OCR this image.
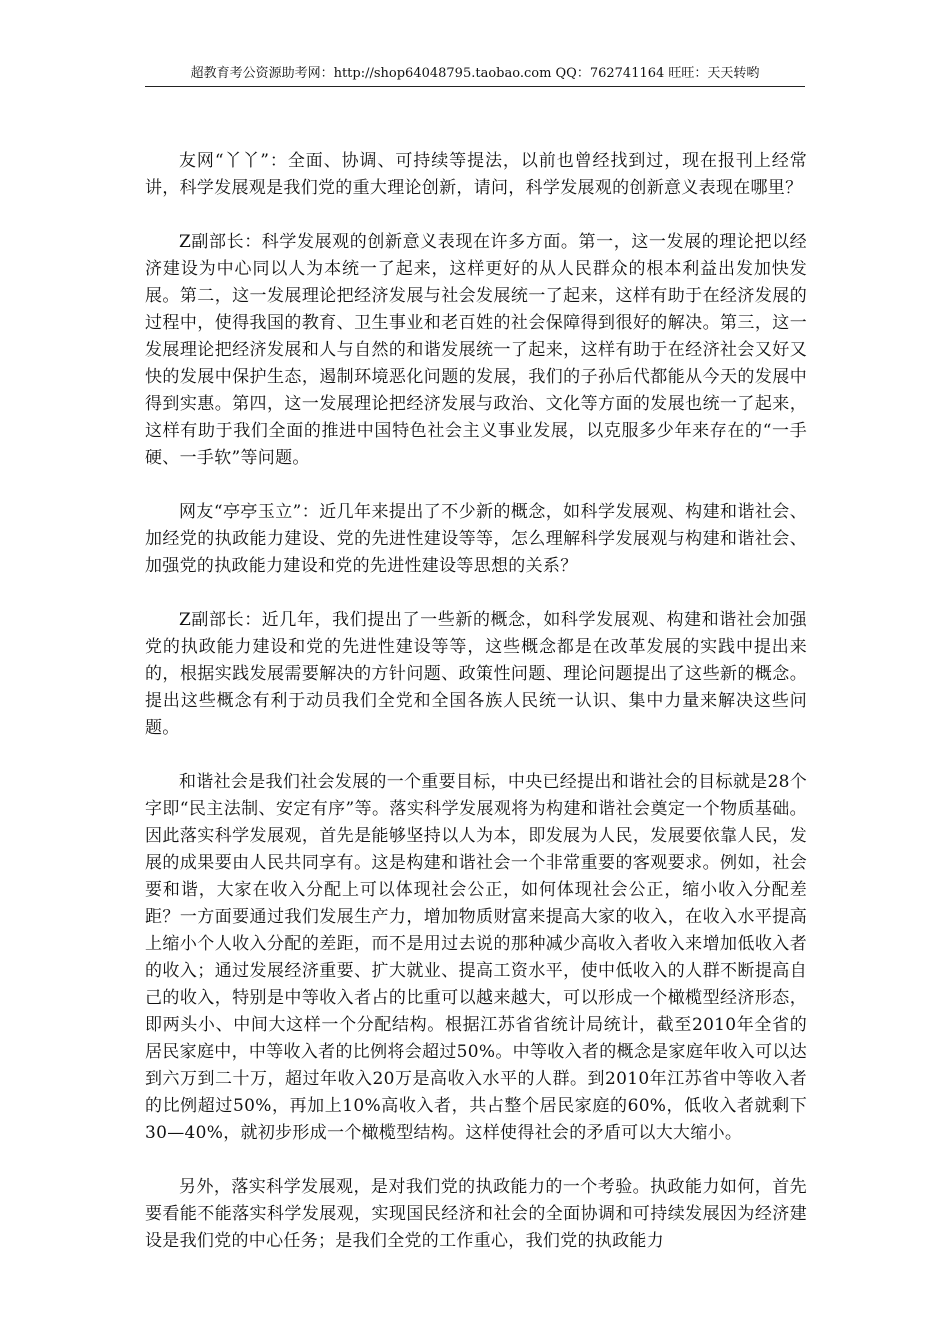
超教育考公资源助考网：http://shop64048795.taobao.com QQ：762741164 旺旺：天天转哟

友网“丫丫”：全面、协调、可持续等提法，以前也曾经找到过，现在报刊上经常讲，科学发展观是我们党的重大理论创新，请问，科学发展观的创新意义表现在哪里？

Z副部长：科学发展观的创新意义表现在许多方面。第一，这一发展的理论把以经济建设为中心同以人为本统一了起来，这样更好的从人民群众的根本利益出发加快发展。第二，这一发展理论把经济发展与社会发展统一了起来，这样有助于在经济发展的过程中，使得我国的教育、卫生事业和老百姓的社会保障得到很好的解决。第三，这一发展理论把经济发展和人与自然的和谐发展统一了起来，这样有助于在经济社会又好又快的发展中保护生态，遏制环境恶化问题的发展，我们的子孙后代都能从今天的发展中得到实惠。第四，这一发展理论把经济发展与政治、文化等方面的发展也统一了起来，这样有助于我们全面的推进中国特色社会主义事业发展，以克服多少年来存在的“一手硬、一手软”等问题。

网友“亭亭玉立”：近几年来提出了不少新的概念，如科学发展观、构建和谐社会、加经党的执政能力建设、党的先进性建设等等，怎么理解科学发展观与构建和谐社会、加强党的执政能力建设和党的先进性建设等思想的关系？

Z副部长：近几年，我们提出了一些新的概念，如科学发展观、构建和谐社会加强党的执政能力建设和党的先进性建设等等，这些概念都是在改革发展的实践中提出来的，根据实践发展需要解决的方针问题、政策性问题、理论问题提出了这些新的概念。提出这些概念有利于动员我们全党和全国各族人民统一认识、集中力量来解决这些问题。

和谐社会是我们社会发展的一个重要目标，中央已经提出和谐社会的目标就是28个字即“民主法制、安定有序”等。落实科学发展观将为构建和谐社会奠定一个物质基础。因此落实科学发展观，首先是能够坚持以人为本，即发展为人民，发展要依靠人民，发展的成果要由人民共同享有。这是构建和谐社会一个非常重要的客观要求。例如，社会要和谐，大家在收入分配上可以体现社会公正，如何体现社会公正，缩小收入分配差距？一方面要通过我们发展生产力，增加物质财富来提高大家的收入，在收入水平提高上缩小个人收入分配的差距，而不是用过去说的那种减少高收入者收入来增加低收入者的收入；通过发展经济重要、扩大就业、提高工资水平，使中低收入的人群不断提高自己的收入，特别是中等收入者占的比重可以越来越大，可以形成一个橄榄型经济形态，即两头小、中间大这样一个分配结构。根据江苏省省统计局统计，截至2010年全省的居民家庭中，中等收入者的比例将会超过50%。中等收入者的概念是家庭年收入可以达到六万到二十万，超过年收入20万是高收入水平的人群。到2010年江苏省中等收入者的比例超过50%，再加上10%高收入者，共占整个居民家庭的60%，低收入者就剩下30—40%，就初步形成一个橄榄型结构。这样使得社会的矛盾可以大大缩小。

另外，落实科学发展观，是对我们党的执政能力的一个考验。执政能力如何，首先要看能不能落实科学发展观，实现国民经济和社会的全面协调和可持续发展因为经济建设是我们党的中心任务；是我们全党的工作重心，我们党的执政能力
